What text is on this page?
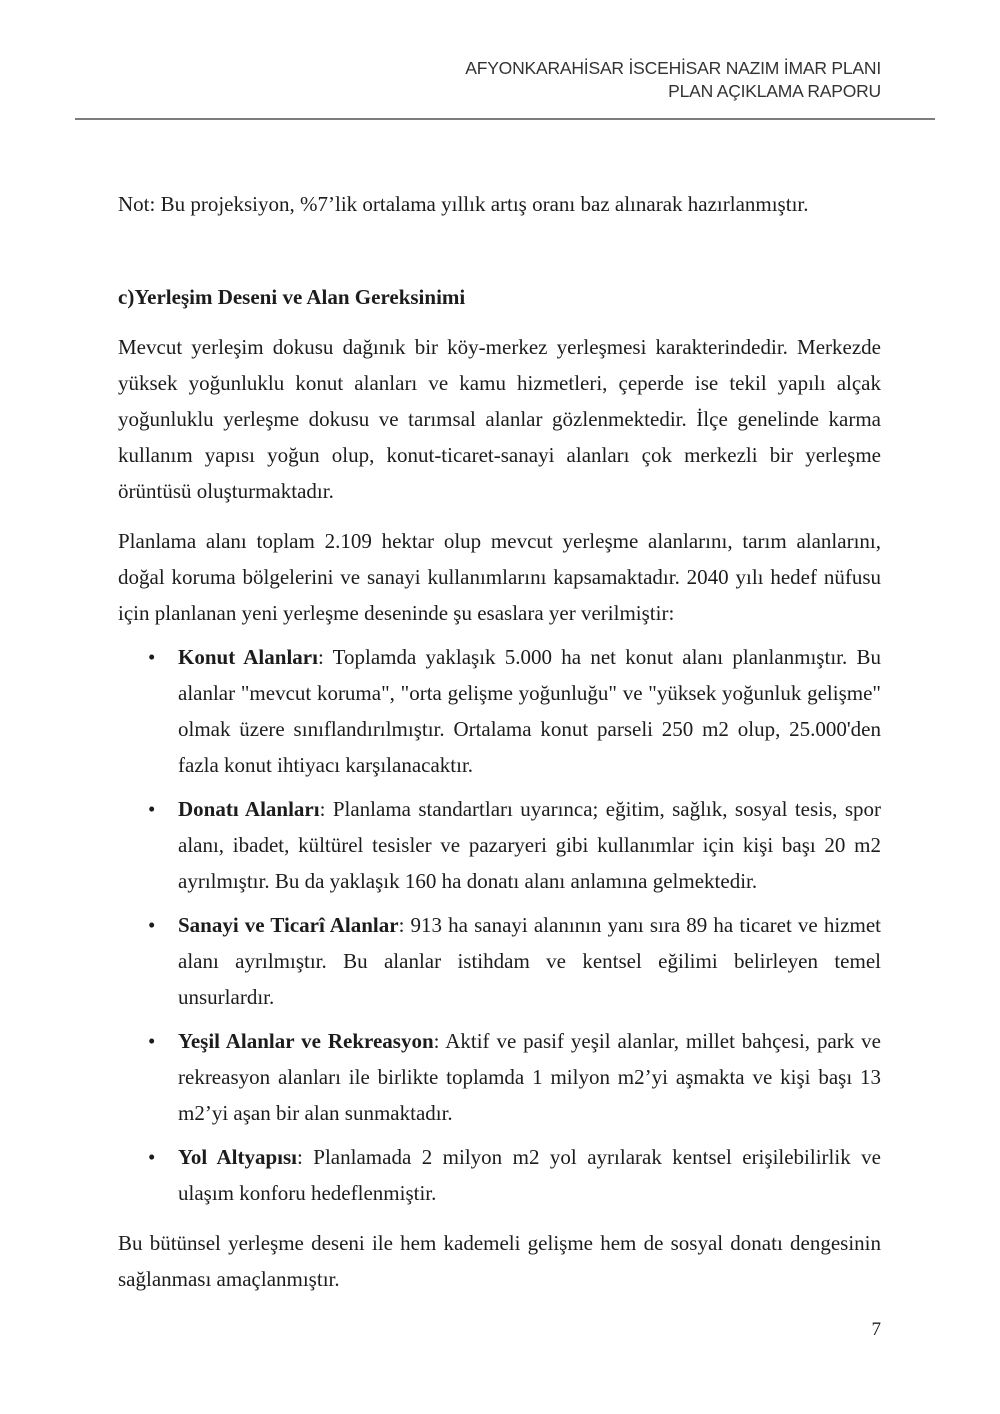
AFYONKARAHİSAR İSCEHİSAR NAZIM İMAR PLANI
PLAN AÇIKLAMA RAPORU

Not: Bu projeksiyon, %7’lik ortalama yıllık artış oranı baz alınarak hazırlanmıştır.

c)Yerleşim Deseni ve Alan Gereksinimi

Mevcut yerleşim dokusu dağınık bir köy-merkez yerleşmesi karakterindedir. Merkezde yüksek yoğunluklu konut alanları ve kamu hizmetleri, çeperde ise tekil yapılı alçak yoğunluklu yerleşme dokusu ve tarımsal alanlar gözlenmektedir. İlçe genelinde karma kullanım yapısı yoğun olup, konut-ticaret-sanayi alanları çok merkezli bir yerleşme örüntüsü oluşturmaktadır.

Planlama alanı toplam 2.109 hektar olup mevcut yerleşme alanlarını, tarım alanlarını, doğal koruma bölgelerini ve sanayi kullanımlarını kapsamaktadır. 2040 yılı hedef nüfusu için planlanan yeni yerleşme deseninde şu esaslara yer verilmiştir:

• Konut Alanları: Toplamda yaklaşık 5.000 ha net konut alanı planlanmıştır. Bu alanlar "mevcut koruma", "orta gelişme yoğunluğu" ve "yüksek yoğunluk gelişme" olmak üzere sınıflandırılmıştır. Ortalama konut parseli 250 m2 olup, 25.000'den fazla konut ihtiyacı karşılanacaktır.
• Donatı Alanları: Planlama standartları uyarınca; eğitim, sağlık, sosyal tesis, spor alanı, ibadet, kültürel tesisler ve pazaryeri gibi kullanımlar için kişi başı 20 m2 ayrılmıştır. Bu da yaklaşık 160 ha donatı alanı anlamına gelmektedir.
• Sanayi ve Ticarî Alanlar: 913 ha sanayi alanının yanı sıra 89 ha ticaret ve hizmet alanı ayrılmıştır. Bu alanlar istihdam ve kentsel eğilimi belirleyen temel unsurlardır.
• Yeşil Alanlar ve Rekreasyon: Aktif ve pasif yeşil alanlar, millet bahçesi, park ve rekreasyon alanları ile birlikte toplamda 1 milyon m2’yi aşmakta ve kişi başı 13 m2’yi aşan bir alan sunmaktadır.
• Yol Altyapısı: Planlamada 2 milyon m2 yol ayrılarak kentsel erişilebilirlik ve ulaşım konforu hedeflenmiştir.

Bu bütünsel yerleşme deseni ile hem kademeli gelişme hem de sosyal donatı dengesinin sağlanması amaçlanmıştır.

7
